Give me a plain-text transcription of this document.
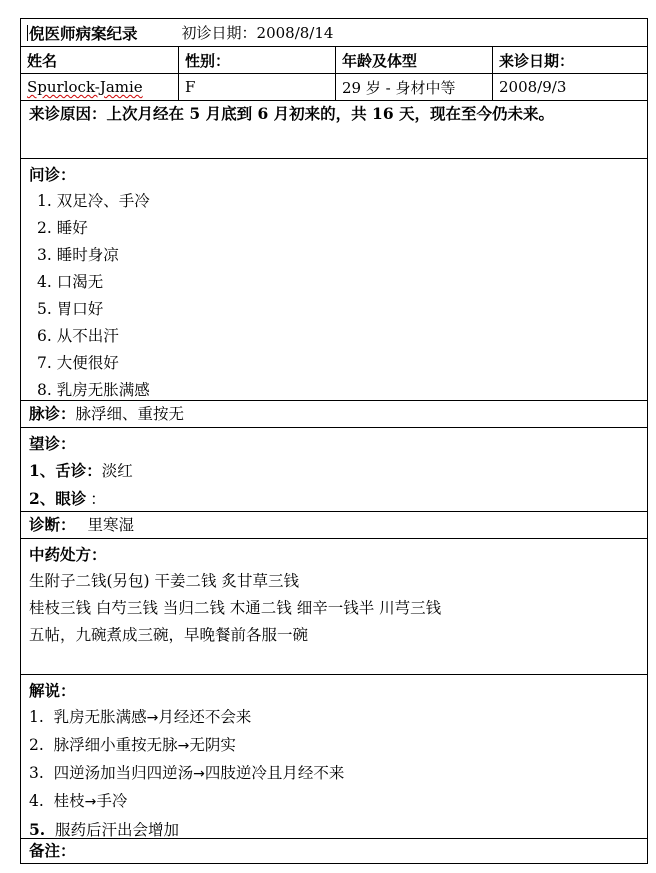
倪医师病案纪录	初诊日期： 2008/8/14
姓名	性别：	年龄及体型	来诊日期：
Spurlock-Jamie	F	29 岁 - 身材中等	2008/9/3
来诊原因：上次月经在 5 月底到 6 月初来的，共 16 天，现在至今仍未来。
问诊：
1. 双足冷、手冷
2. 睡好
3. 睡时身凉
4. 口渴无
5. 胃口好
6. 从不出汗
7. 大便很好
8. 乳房无胀满感
脉诊：脉浮细、重按无
望诊：
1、舌诊：淡红
2、眼诊 ：
诊断： 里寒湿
中药处方：
生附子二钱(另包) 干姜二钱 炙甘草三钱
桂枝三钱 白芍三钱 当归二钱 木通二钱 细辛一钱半 川芎三钱
五帖，九碗煮成三碗，早晚餐前各服一碗
解说：
1. 乳房无胀满感→月经还不会来
2. 脉浮细小重按无脉→无阴实
3. 四逆汤加当归四逆汤→四肢逆冷且月经不来
4. 桂枝→手冷
5. 服药后汗出会增加
备注：
